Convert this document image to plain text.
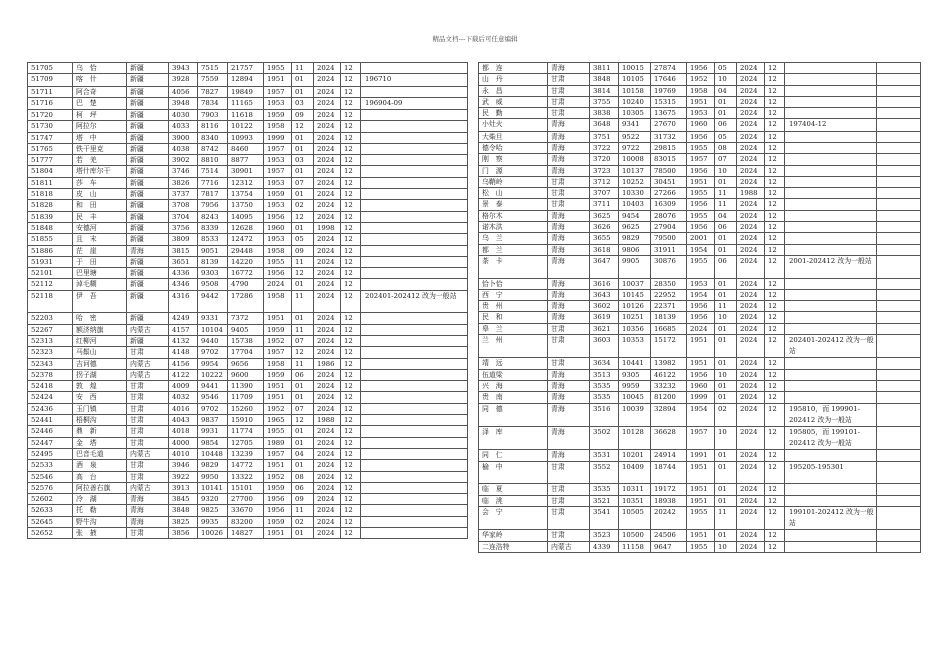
精品文档---下载后可任意编辑
51705	乌　恰	新疆	3943	7515	21757	1955	11	2024	12	
51709	喀　什	新疆	3928	7559	12894	1951	01	2024	12	196710
51711	阿合奇	新疆	4056	7827	19849	1957	01	2024	12	
51716	巴　楚	新疆	3948	7834	11165	1953	03	2024	12	196904-09
51720	柯　坪	新疆	4030	7903	11618	1959	09	2024	12	
51730	阿拉尔	新疆	4033	8116	10122	1958	12	2024	12	
51747	塔　中	新疆	3900	8340	10993	1999	01	2024	12	
51765	铁干里克	新疆	4038	8742	8460	1957	01	2024	12	
51777	若　羌	新疆	3902	8810	8877	1953	03	2024	12	
51804	塔什库尔干	新疆	3746	7514	30901	1957	01	2024	12	
51811	莎　车	新疆	3826	7716	12312	1953	07	2024	12	
51818	皮　山	新疆	3737	7817	13754	1959	01	2024	12	
51828	和　田	新疆	3708	7956	13750	1953	02	2024	12	
51839	民　丰	新疆	3704	8243	14095	1956	12	2024	12	
51848	安德河	新疆	3756	8339	12628	1960	01	1998	12	
51855	且　末	新疆	3809	8533	12472	1953	05	2024	12	
51886	茫　崖	青海	3815	9051	29448	1958	09	2024	12	
51931	于　田	新疆	3651	8139	14220	1955	11	2024	12	
52101	巴里塘	新疆	4336	9303	16772	1956	12	2024	12	
52112	淖毛糊	新疆	4346	9508	4790	2024	01	2024	12	
52118	伊　吾	新疆	4316	9442	17286	1958	11	2024	12	202401-202412 改为一般站
52203	哈　密	新疆	4249	9331	7372	1951	01	2024	12	
52267	额济纳旗	内蒙古	4157	10104	9405	1959	11	2024	12	
52313	红柳河	新疆	4132	9440	15738	1952	07	2024	12	
52323	马鬃山	甘肃	4148	9702	17704	1957	12	2024	12	
52343	吉诃德	内蒙古	4156	9954	9656	1958	11	1986	12	
52378	拐子湖	内蒙古	4122	10222	9600	1959	06	2024	12	
52418	敦　煌	甘肃	4009	9441	11390	1951	01	2024	12	
52424	安　西	甘肃	4032	9546	11709	1951	01	2024	12	
52436	玉门镇	甘肃	4016	9702	15260	1952	07	2024	12	
52441	梧桐沟	甘肃	4043	9837	15910	1965	12	1988	12	
52446	鼎　新	甘肃	4018	9931	11774	1955	01	2024	12	
52447	金　塔	甘肃	4000	9854	12705	1989	01	2024	12	
52495	巴音毛道	内蒙古	4010	10448	13239	1957	04	2024	12	
52533	酒　泉	甘肃	3946	9829	14772	1951	01	2024	12	
52546	高　台	甘肃	3922	9950	13322	1952	08	2024	12	
52576	阿拉善右旗	内蒙古	3913	10141	15101	1959	06	2024	12	
52602	冷　湖	青海	3845	9320	27700	1956	09	2024	12	
52633	托　勒	青海	3848	9825	33670	1956	11	2024	12	
52645	野牛沟	青海	3825	9935	83200	1959	02	2024	12	
52652	张　掖	甘肃	3856	10026	14827	1951	01	2024	12	
都　连	青海	3811	10015	27874	1956	05	2024	12		
山　丹	甘肃	3848	10105	17646	1952	10	2024	12		
永　昌	甘肃	3814	10158	19769	1958	04	2024	12		
武　威	甘肃	3755	10240	15315	1951	01	2024	12		
民　勤	甘肃	3838	10305	13675	1953	01	2024	12		
小灶火	青海	3648	9341	27670	1960	06	2024	12	197404-12	
大柴旦	青海	3751	9522	31732	1956	05	2024	12		
德令哈	青海	3722	9722	29815	1955	08	2024	12		
刚　察	青海	3720	10008	83015	1957	07	2024	12		
门　源	青海	3723	10137	78500	1956	10	2024	12		
乌鞘岭	甘肃	3712	10252	30451	1951	01	2024	12		
松　山	甘肃	3707	10330	27266	1955	11	1988	12		
景　泰	甘肃	3711	10403	16309	1956	11	2024	12		
格尔木	青海	3625	9454	28076	1955	04	2024	12		
诺木洪	青海	3626	9625	27904	1956	06	2024	12		
乌　兰	青海	3655	9829	79500	2001	01	2024	12		
都　兰	青海	3618	9806	31911	1954	01	2024	12		
茶　卡	青海	3647	9905	30876	1955	06	2024	12	2001-202412 改为一般站	
恰卜恰	青海	3616	10037	28350	1953	01	2024	12		
西　宁	青海	3643	10145	22952	1954	01	2024	12		
贵　州	青海	3602	10126	22371	1956	11	2024	12		
民　和	青海	3619	10251	18139	1956	10	2024	12		
皋　兰	甘肃	3621	10356	16685	2024	01	2024	12		
兰　州	甘肃	3603	10353	15172	1951	01	2024	12	202401-202412 改为一般站	
靖　远	甘肃	3634	10441	13982	1951	01	2024	12		
伍道梁	青海	3513	9305	46122	1956	10	2024	12		
兴　海	青海	3535	9959	33232	1960	01	2024	12		
贵　南	青海	3535	10045	81200	1999	01	2024	12		
同　德	青海	3516	10039	32894	1954	02	2024	12	195810，而 199901-202412 改为一般站	
泽　库	青海	3502	10128	36628	1957	10	2024	12	195805，而 199101-202412 改为一般站	
同　仁	青海	3531	10201	24914	1991	01	2024	12		
榆　中	甘肃	3552	10409	18744	1951	01	2024	12	195205-195301	
临　夏	甘肃	3535	10311	19172	1951	01	2024	12		
临　洮	甘肃	3521	10351	18938	1951	01	2024	12		
会　宁	甘肃	3541	10505	20242	1955	11	2024	12	199101-202412 改为一般站	
华家岭	甘肃	3523	10500	24506	1951	01	2024	12		
二连浩特	内蒙古	4339	11158	9647	1955	10	2024	12		
